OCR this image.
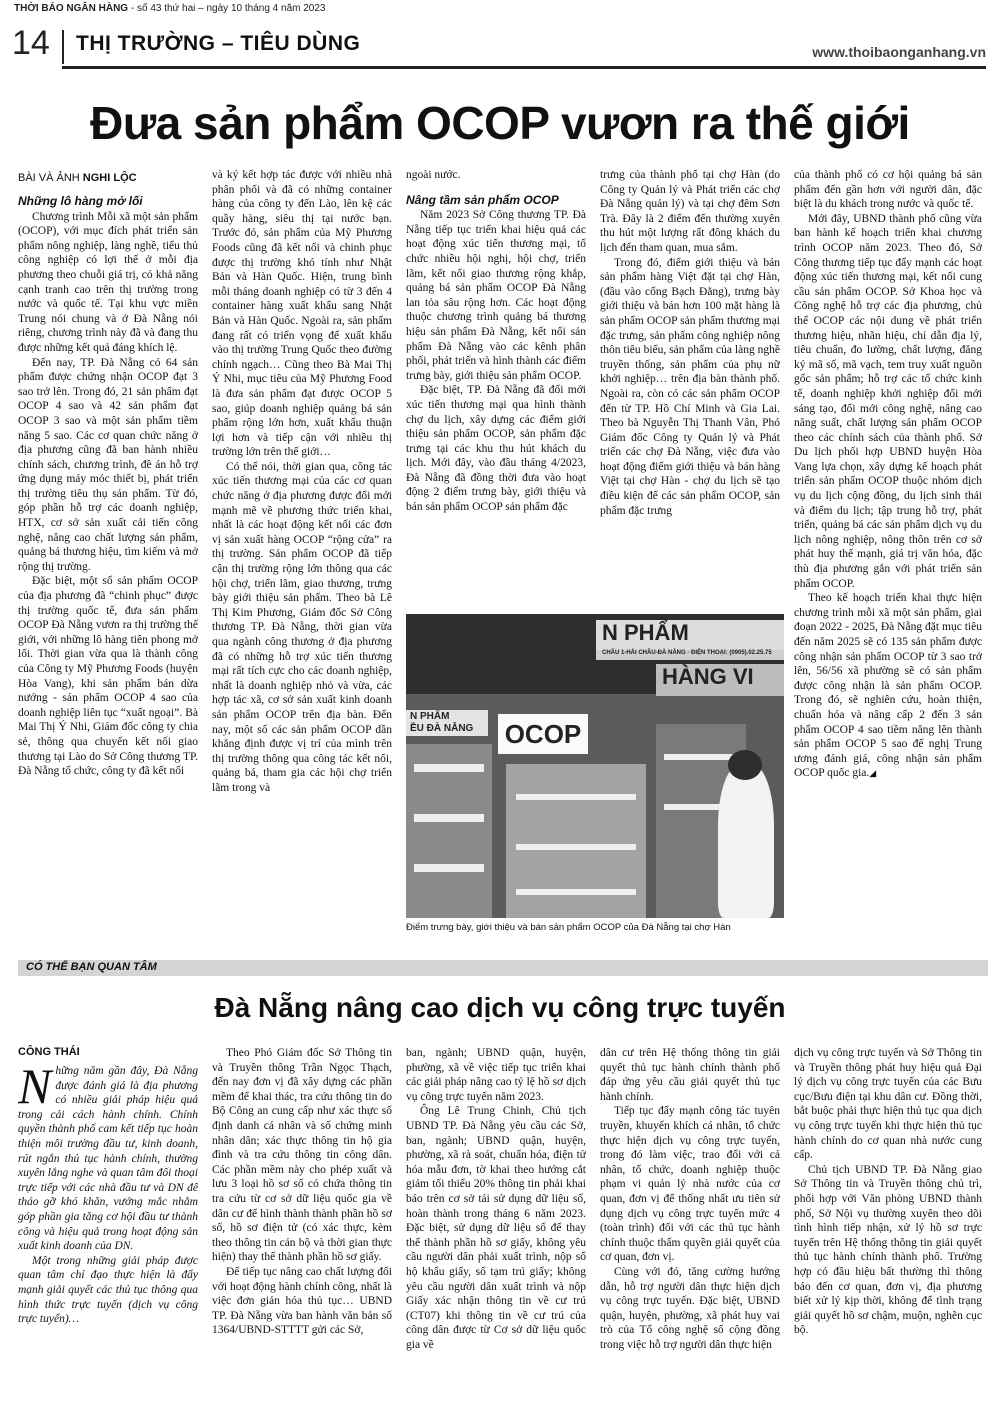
THỜI BÁO NGÂN HÀNG - số 43 thứ hai – ngày 10 tháng 4 năm 2023
14 THỊ TRƯỜNG – TIÊU DÙNG	www.thoibaonganhang.vn
Đưa sản phẩm OCOP vươn ra thế giới
BÀI VÀ ẢNH NGHI LỘC
Những lô hàng mở lối

Chương trình Mỗi xã một sản phẩm (OCOP), với mục đích phát triển sản phẩm nông nghiệp, làng nghề, tiểu thủ công nghiệp có lợi thế ở mỗi địa phương theo chuỗi giá trị, có khả năng cạnh tranh cao trên thị trường trong nước và quốc tế. Tại khu vực miền Trung nói chung và ở Đà Nẵng nói riêng, chương trình này đã và đang thu được những kết quả đáng khích lệ.

Đến nay, TP. Đà Nẵng có 64 sản phẩm được chứng nhận OCOP đạt 3 sao trở lên. Trong đó, 21 sản phẩm đạt OCOP 4 sao và 42 sản phẩm đạt OCOP 3 sao và một sản phẩm tiềm năng 5 sao. Các cơ quan chức năng ở địa phương cũng đã ban hành nhiều chính sách, chương trình, đề án hỗ trợ ứng dụng máy móc thiết bị, phát triển thị trường tiêu thụ sản phẩm. Từ đó, góp phần hỗ trợ các doanh nghiệp, HTX, cơ sở sản xuất cải tiến công nghệ, nâng cao chất lượng sản phẩm, quảng bá thương hiệu, tìm kiếm và mở rộng thị trường.

Đặc biệt, một số sản phẩm OCOP của địa phương đã “chinh phục” được thị trường quốc tế, đưa sản phẩm OCOP Đà Nẵng vươn ra thị trường thế giới, với những lô hàng tiên phong mở lối. Thời gian vừa qua là thành công của Công ty Mỹ Phương Foods (huyện Hòa Vang), khi sản phẩm bán dừa nướng - sản phẩm OCOP 4 sao của doanh nghiệp liên tục “xuất ngoại”. Bà Mai Thị Ý Nhi, Giám đốc công ty chia sẻ, thông qua chuyến kết nối giao thương tại Lào do Sở Công thương TP. Đà Nẵng tổ chức, công ty đã kết nối

và ký kết hợp tác được với nhiều nhà phân phối và đã có những container hàng của công ty đến Lào, lên kệ các quầy hàng, siêu thị tại nước bạn. Trước đó, sản phẩm của Mỹ Phương Foods cũng đã kết nối và chinh phục được thị trường khó tính như Nhật Bản và Hàn Quốc. Hiện, trung bình mỗi tháng doanh nghiệp có từ 3 đến 4 container hàng xuất khẩu sang Nhật Bản và Hàn Quốc. Ngoài ra, sản phẩm đang rất có triển vọng để xuất khẩu vào thị trường Trung Quốc theo đường chính ngạch… Cũng theo Bà Mai Thị Ý Nhi, mục tiêu của Mỹ Phương Food là đưa sản phẩm đạt được OCOP 5 sao, giúp doanh nghiệp quảng bá sản phẩm rộng lớn hơn, xuất khẩu thuận lợi hơn và tiếp cận với nhiều thị trường lớn trên thế giới…

Có thể nói, thời gian qua, công tác xúc tiến thương mại của các cơ quan chức năng ở địa phương được đổi mới mạnh mẽ về phương thức triển khai, nhất là các hoạt động kết nối các đơn vị sản xuất hàng OCOP “rộng cửa” ra thị trường. Sản phẩm OCOP đã tiếp cận thị trường rộng lớn thông qua các hội chợ, triển lãm, giao thương, trưng bày giới thiệu sản phẩm. Theo bà Lê Thị Kim Phương, Giám đốc Sở Công thương TP. Đà Nẵng, thời gian vừa qua ngành công thương ở địa phương đã có những hỗ trợ xúc tiến thương mại rất tích cực cho các doanh nghiệp, nhất là doanh nghiệp nhỏ và vừa, các hợp tác xã, cơ sở sản xuất kinh doanh sản phẩm OCOP trên địa bàn. Đến nay, một số các sản phẩm OCOP dần khẳng định được vị trí của mình trên thị trường thông qua công tác kết nối, quảng bá, tham gia các hội chợ triển lãm trong và

ngoài nước.

Nâng tầm sản phẩm OCOP

Năm 2023 Sở Công thương TP. Đà Nẵng tiếp tục triển khai hiệu quả các hoạt động xúc tiến thương mại, tổ chức nhiều hội nghị, hội chợ, triển lãm, kết nối giao thương rộng khắp, quảng bá sản phẩm OCOP Đà Nẵng lan tỏa sâu rộng hơn. Các hoạt động thuộc chương trình quảng bá thương hiệu sản phẩm Đà Nẵng, kết nối sản phẩm Đà Nẵng vào các kênh phân phối, phát triển và hình thành các điểm trưng bày, giới thiệu sản phẩm OCOP.

Đặc biệt, TP. Đà Nẵng đã đổi mới xúc tiến thương mại qua hình thành chợ du lịch, xây dựng các điểm giới thiệu sản phẩm OCOP, sản phẩm đặc trưng tại các khu thu hút khách du lịch. Mới đây, vào đầu tháng 4/2023, Đà Nẵng đã đồng thời đưa vào hoạt động 2 điểm trưng bày, giới thiệu và bán sản phẩm OCOP sản phẩm đặc

trưng của thành phố tại chợ Hàn (do Công ty Quản lý và Phát triển các chợ Đà Nẵng quản lý) và tại chợ đêm Sơn Trà. Đây là 2 điểm đến thường xuyên thu hút một lượng rất đông khách du lịch đến tham quan, mua sắm.

Trong đó, điểm giới thiệu và bán sản phẩm hàng Việt đặt tại chợ Hàn, (đầu vào cổng Bạch Đằng), trưng bày giới thiệu và bán hơn 100 mặt hàng là sản phẩm OCOP sản phẩm thương mại đặc trưng, sản phẩm công nghiệp nông thôn tiêu biểu, sản phẩm của làng nghề truyền thống, sản phẩm của phụ nữ khởi nghiệp… trên địa bàn thành phố. Ngoài ra, còn có các sản phẩm OCOP đến từ TP. Hồ Chí Minh và Gia Lai. Theo bà Nguyễn Thị Thanh Vân, Phó Giám đốc Công ty Quản lý và Phát triển các chợ Đà Nẵng, việc đưa vào hoạt động điểm giới thiệu và bán hàng Việt tại chợ Hàn - chợ du lịch sẽ tạo điều kiện để các sản phẩm OCOP, sản phẩm đặc trưng

của thành phố có cơ hội quảng bá sản phẩm đến gần hơn với người dân, đặc biệt là du khách trong nước và quốc tế.

Mới đây, UBND thành phố cũng vừa ban hành kế hoạch triển khai chương trình OCOP năm 2023. Theo đó, Sở Công thương tiếp tục đẩy mạnh các hoạt động xúc tiến thương mại, kết nối cung cầu sản phẩm OCOP. Sở Khoa học và Công nghệ hỗ trợ các địa phương, chủ thể OCOP các nội dung về phát triển thương hiệu, nhãn hiệu, chỉ dẫn địa lý, tiêu chuẩn, đo lường, chất lượng, đăng ký mã số, mã vạch, tem truy xuất nguồn gốc sản phẩm; hỗ trợ các tổ chức kinh tế, doanh nghiệp khởi nghiệp đổi mới sáng tạo, đổi mới công nghệ, nâng cao năng suất, chất lượng sản phẩm OCOP theo các chính sách của thành phố. Sở Du lịch phối hợp UBND huyện Hòa Vang lựa chọn, xây dựng kế hoạch phát triển sản phẩm OCOP thuộc nhóm dịch vụ du lịch cộng đồng, du lịch sinh thái và điểm du lịch; tập trung hỗ trợ, phát triển, quảng bá các sản phẩm dịch vụ du lịch nông nghiệp, nông thôn trên cơ sở phát huy thế mạnh, giá trị văn hóa, đặc thù địa phương gắn với phát triển sản phẩm OCOP.

Theo kế hoạch triển khai thực hiện chương trình mỗi xã một sản phẩm, giai đoạn 2022 - 2025, Đà Nẵng đặt mục tiêu đến năm 2025 sẽ có 135 sản phẩm được công nhận sản phẩm OCOP từ 3 sao trở lên, 56/56 xã phường sẽ có sản phẩm được công nhận là sản phẩm OCOP. Trong đó, sẽ nghiên cứu, hoàn thiện, chuẩn hóa và nâng cấp 2 đến 3 sản phẩm OCOP 4 sao tiềm năng lên thành sản phẩm OCOP 5 sao để nghị Trung ương đánh giá, công nhận sản phẩm OCOP quốc gia.◢

N PHẨM
CHÂU 1-HẢI CHÂU-ĐÀ NẴNG · ĐIỆN THOẠI: (0905).02.25.75
HÀNG VI
N PHẨM
ỀU ĐÀ NẴNG	OCOP
Điểm trưng bày, giới thiệu và bán sản phẩm OCOP của Đà Nẵng tại chợ Hàn
CÓ THỂ BẠN QUAN TÂM
Đà Nẵng nâng cao dịch vụ công trực tuyến
CÔNG THÁI

Những năm gần đây, Đà Nẵng được đánh giá là địa phương có nhiều giải pháp hiệu quả trong cải cách hành chính. Chính quyền thành phố cam kết tiếp tục hoàn thiện môi trường đầu tư, kinh doanh, rút ngắn thủ tục hành chính, thường xuyên lắng nghe và quan tâm đối thoại trực tiếp với các nhà đầu tư và DN để tháo gỡ khó khăn, vướng mắc nhằm góp phần gia tăng cơ hội đầu tư thành công và hiệu quả trong hoạt động sản xuất kinh doanh của DN.

Một trong những giải pháp được quan tâm chỉ đạo thực hiện là đẩy mạnh giải quyết các thủ tục thông qua hình thức trực tuyến (dịch vụ công trực tuyến)…

Theo Phó Giám đốc Sở Thông tin và Truyền thông Trần Ngọc Thạch, đến nay đơn vị đã xây dựng các phần mềm để khai thác, tra cứu thông tin do Bộ Công an cung cấp như xác thực số định danh cá nhân và số chứng minh nhân dân; xác thực thông tin hộ gia đình và tra cứu thông tin công dân. Các phần mềm này cho phép xuất và lưu 3 loại hồ sơ số có chứa thông tin tra cứu từ cơ sở dữ liệu quốc gia về dân cư để hình thành thành phần hồ sơ số, hồ sơ điện tử (có xác thực, kèm theo thông tin cán bộ và thời gian thực hiện) thay thế thành phần hồ sơ giấy.

Để tiếp tục nâng cao chất lượng đối với hoạt động hành chính công, nhất là việc đơn giản hóa thủ tục… UBND TP. Đà Nẵng vừa ban hành văn bản số 1364/UBND-STTTT gửi các Sở,

ban, ngành; UBND quận, huyện, phường, xã về việc tiếp tục triển khai các giải pháp nâng cao tỷ lệ hồ sơ dịch vụ công trực tuyến năm 2023.

Ông Lê Trung Chinh, Chủ tịch UBND TP. Đà Nẵng yêu cầu các Sở, ban, ngành; UBND quận, huyện, phường, xã rà soát, chuẩn hóa, điện tử hóa mẫu đơn, tờ khai theo hướng cắt giảm tối thiểu 20% thông tin phải khai báo trên cơ sở tái sử dụng dữ liệu số, hoàn thành trong tháng 6 năm 2023. Đặc biệt, sử dụng dữ liệu số để thay thế thành phần hồ sơ giấy, không yêu cầu người dân phải xuất trình, nộp sổ hộ khẩu giấy, sổ tạm trú giấy; không yêu cầu người dân xuất trình và nộp Giấy xác nhận thông tin về cư trú (CT07) khi thông tin về cư trú của công dân được từ Cơ sở dữ liệu quốc gia về

dân cư trên Hệ thống thông tin giải quyết thủ tục hành chính thành phố đáp ứng yêu cầu giải quyết thủ tục hành chính.

Tiếp tục đẩy mạnh công tác tuyên truyền, khuyến khích cá nhân, tổ chức thực hiện dịch vụ công trực tuyến, trong đó làm việc, trao đổi với cá nhân, tổ chức, doanh nghiệp thuộc phạm vi quản lý nhà nước của cơ quan, đơn vị để thống nhất ưu tiên sử dụng dịch vụ công trực tuyến mức 4 (toàn trình) đối với các thủ tục hành chính thuộc thẩm quyền giải quyết của cơ quan, đơn vị.

Cùng với đó, tăng cường hướng dẫn, hỗ trợ người dân thực hiện dịch vụ công trực tuyến. Đặc biệt, UBND quận, huyện, phường, xã phát huy vai trò của Tổ công nghệ số cộng đồng trong việc hỗ trợ người dân thực hiện

dịch vụ công trực tuyến và Sở Thông tin và Truyền thông phát huy hiệu quả Đại lý dịch vụ công trực tuyến của các Bưu cục/Bưu điện tại khu dân cư. Đồng thời, bắt buộc phải thực hiện thủ tục qua dịch vụ công trực tuyến khi thực hiện thủ tục hành chính do cơ quan nhà nước cung cấp.

Chủ tịch UBND TP. Đà Nẵng giao Sở Thông tin và Truyền thông chủ trì, phối hợp với Văn phòng UBND thành phố, Sở Nội vụ thường xuyên theo dõi tình hình tiếp nhận, xử lý hồ sơ trực tuyến trên Hệ thống thông tin giải quyết thủ tục hành chính thành phố. Trường hợp có đầu hiệu bất thường thì thông báo đến cơ quan, đơn vị, địa phương biết xử lý kịp thời, không để tình trạng giải quyết hồ sơ chậm, muộn, nghẽn cục bộ.
